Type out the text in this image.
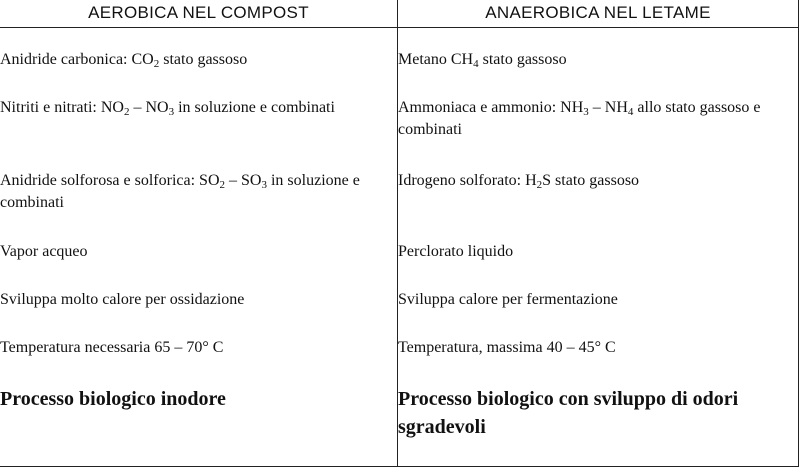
AEROBICA NEL COMPOST
Anidride carbonica: $CO_2$ stato gassoso
Nitriti e nitrati: $NO_2 - NO_3$ in soluzione e combinati
Anidride solforosa e solforica: $SO_2 - SO_3$ in soluzione e combinati
Vapor acqueo
Sviluppa molto calore per ossidazione
Temperatura necessaria 65 – 70° C
Processo biologico inodore
ANAEROBICA NEL LETAME
Metano $CH_4$ stato gassoso
Ammoniaca e ammonio: $NH_3 - NH_4$ allo stato gassoso e combinati
Idrogeno solforato: $H_2S$ stato gassoso
Perclorato liquido
Sviluppa calore per fermentazione
Temperatura, massima 40 – 45° C
Processo biologico con sviluppo di odori sgradevoli
